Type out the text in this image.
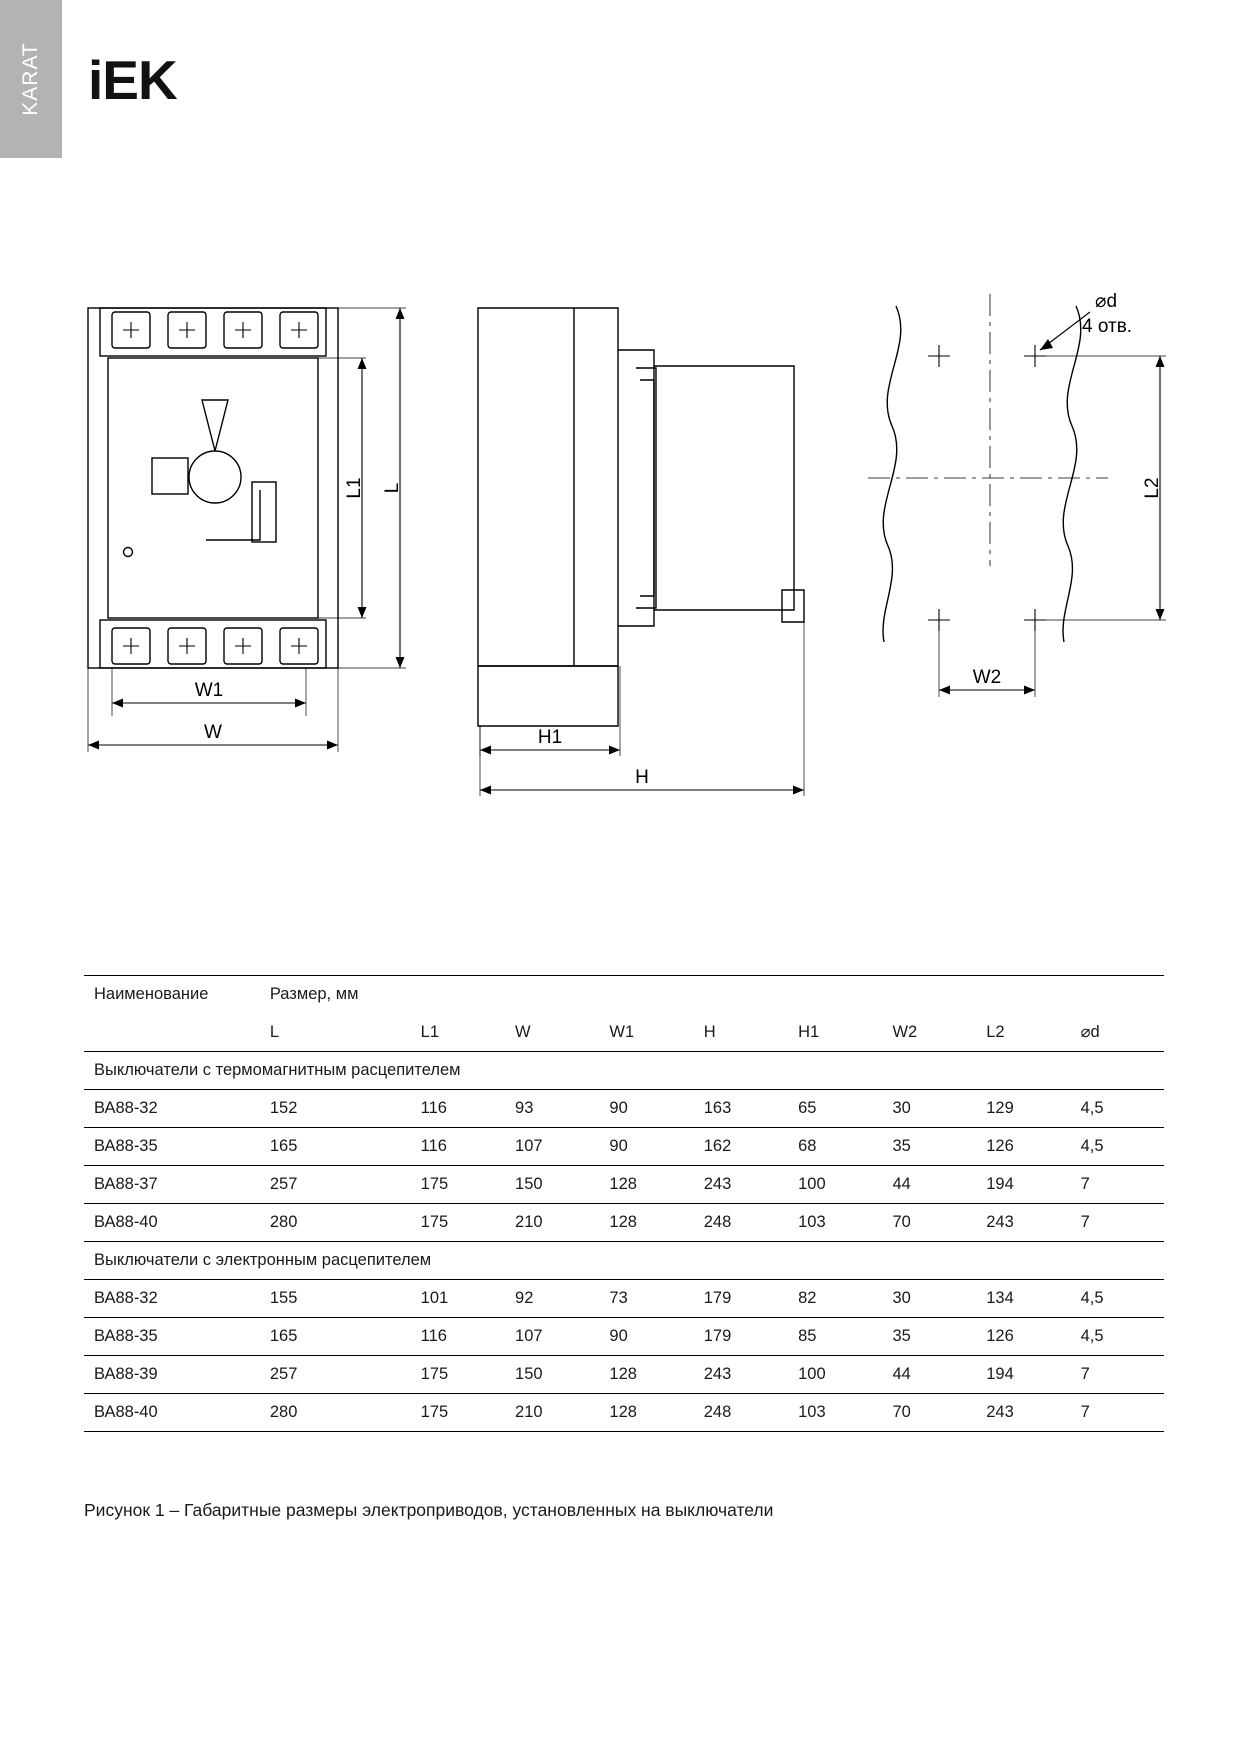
KARAT iEK
L1 L
W1
W	H1
H
L2
W2
⌀d
4 отв.
Наименование	Размер, мм								
	L	L1	W	W1	H	H1	W2	L2	⌀d
Выключатели с термомагнитным расцепителем									
ВА88-32	152	116	93	90	163	65	30	129	4,5
ВА88-35	165	116	107	90	162	68	35	126	4,5
ВА88-37	257	175	150	128	243	100	44	194	7
ВА88-40	280	175	210	128	248	103	70	243	7
Выключатели с электронным расцепителем									
ВА88-32	155	101	92	73	179	82	30	134	4,5
ВА88-35	165	116	107	90	179	85	35	126	4,5
ВА88-39	257	175	150	128	243	100	44	194	7
ВА88-40	280	175	210	128	248	103	70	243	7
Рисунок 1 – Габаритные размеры электроприводов, установленных на выключатели
